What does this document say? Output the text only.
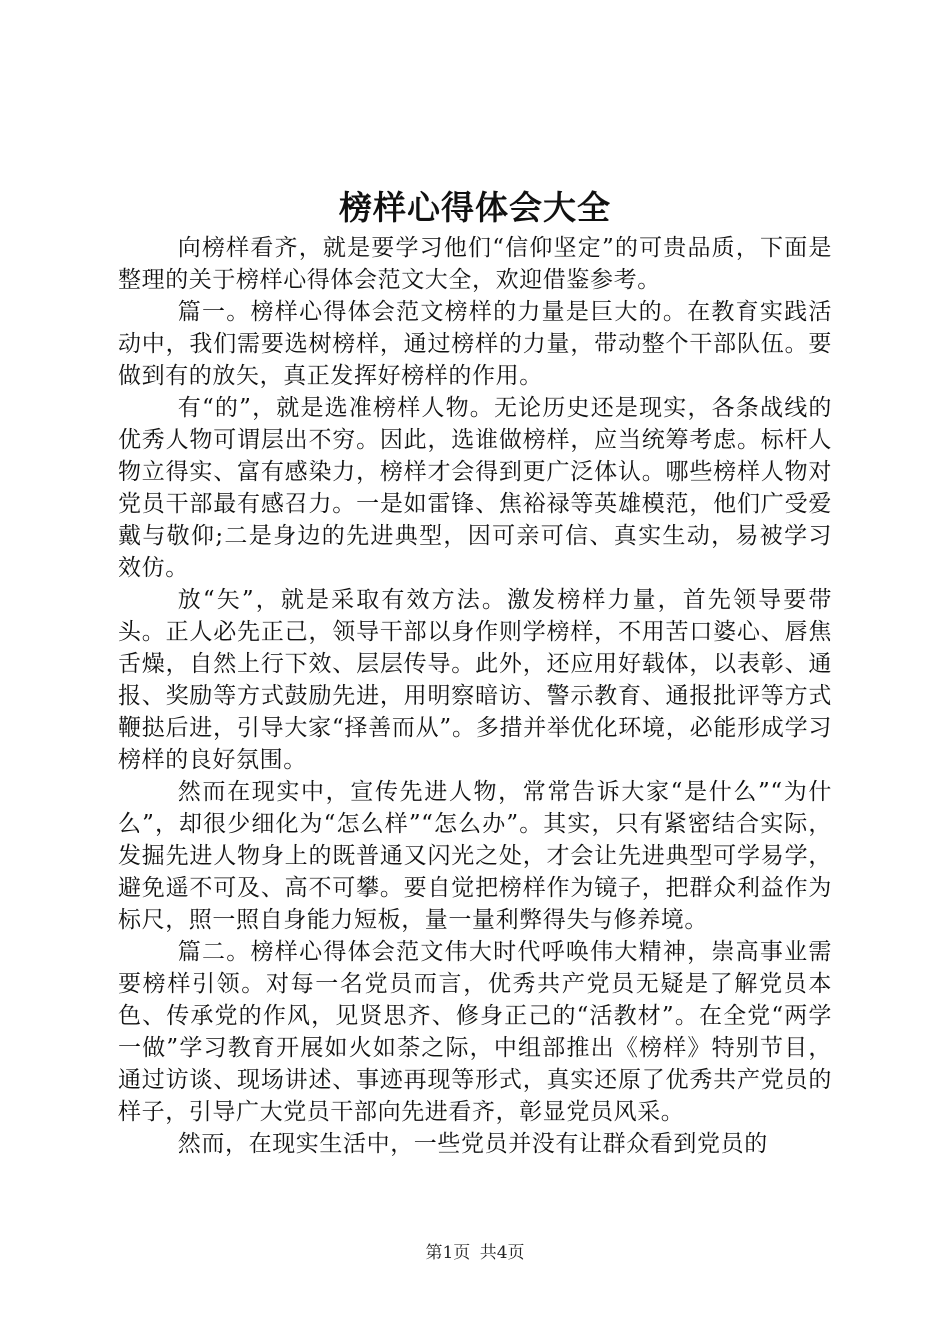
榜样心得体会大全

向榜样看齐，就是要学习他们“信仰坚定”的可贵品质，下面是整理的关于榜样心得体会范文大全，欢迎借鉴参考。

篇一。榜样心得体会范文榜样的力量是巨大的。在教育实践活动中，我们需要选树榜样，通过榜样的力量，带动整个干部队伍。要做到有的放矢，真正发挥好榜样的作用。

有“的”，就是选准榜样人物。无论历史还是现实，各条战线的优秀人物可谓层出不穷。因此，选谁做榜样，应当统筹考虑。标杆人物立得实、富有感染力，榜样才会得到更广泛体认。哪些榜样人物对党员干部最有感召力。一是如雷锋、焦裕禄等英雄模范，他们广受爱戴与敬仰;二是身边的先进典型，因可亲可信、真实生动，易被学习效仿。

放“矢”，就是采取有效方法。激发榜样力量，首先领导要带头。正人必先正己，领导干部以身作则学榜样，不用苦口婆心、唇焦舌燥，自然上行下效、层层传导。此外，还应用好载体，以表彰、通报、奖励等方式鼓励先进，用明察暗访、警示教育、通报批评等方式鞭挞后进，引导大家“择善而从”。多措并举优化环境，必能形成学习榜样的良好氛围。

然而在现实中，宣传先进人物，常常告诉大家“是什么”“为什么”，却很少细化为“怎么样”“怎么办”。其实，只有紧密结合实际，发掘先进人物身上的既普通又闪光之处，才会让先进典型可学易学，避免遥不可及、高不可攀。要自觉把榜样作为镜子，把群众利益作为标尺，照一照自身能力短板，量一量利弊得失与修养境。

篇二。榜样心得体会范文伟大时代呼唤伟大精神，崇高事业需要榜样引领。对每一名党员而言，优秀共产党员无疑是了解党员本色、传承党的作风，见贤思齐、修身正己的“活教材”。在全党“两学一做”学习教育开展如火如荼之际，中组部推出《榜样》特别节目，通过访谈、现场讲述、事迹再现等形式，真实还原了优秀共产党员的样子，引导广大党员干部向先进看齐，彰显党员风采。

然而，在现实生活中，一些党员并没有让群众看到党员的

第1页 共4页
